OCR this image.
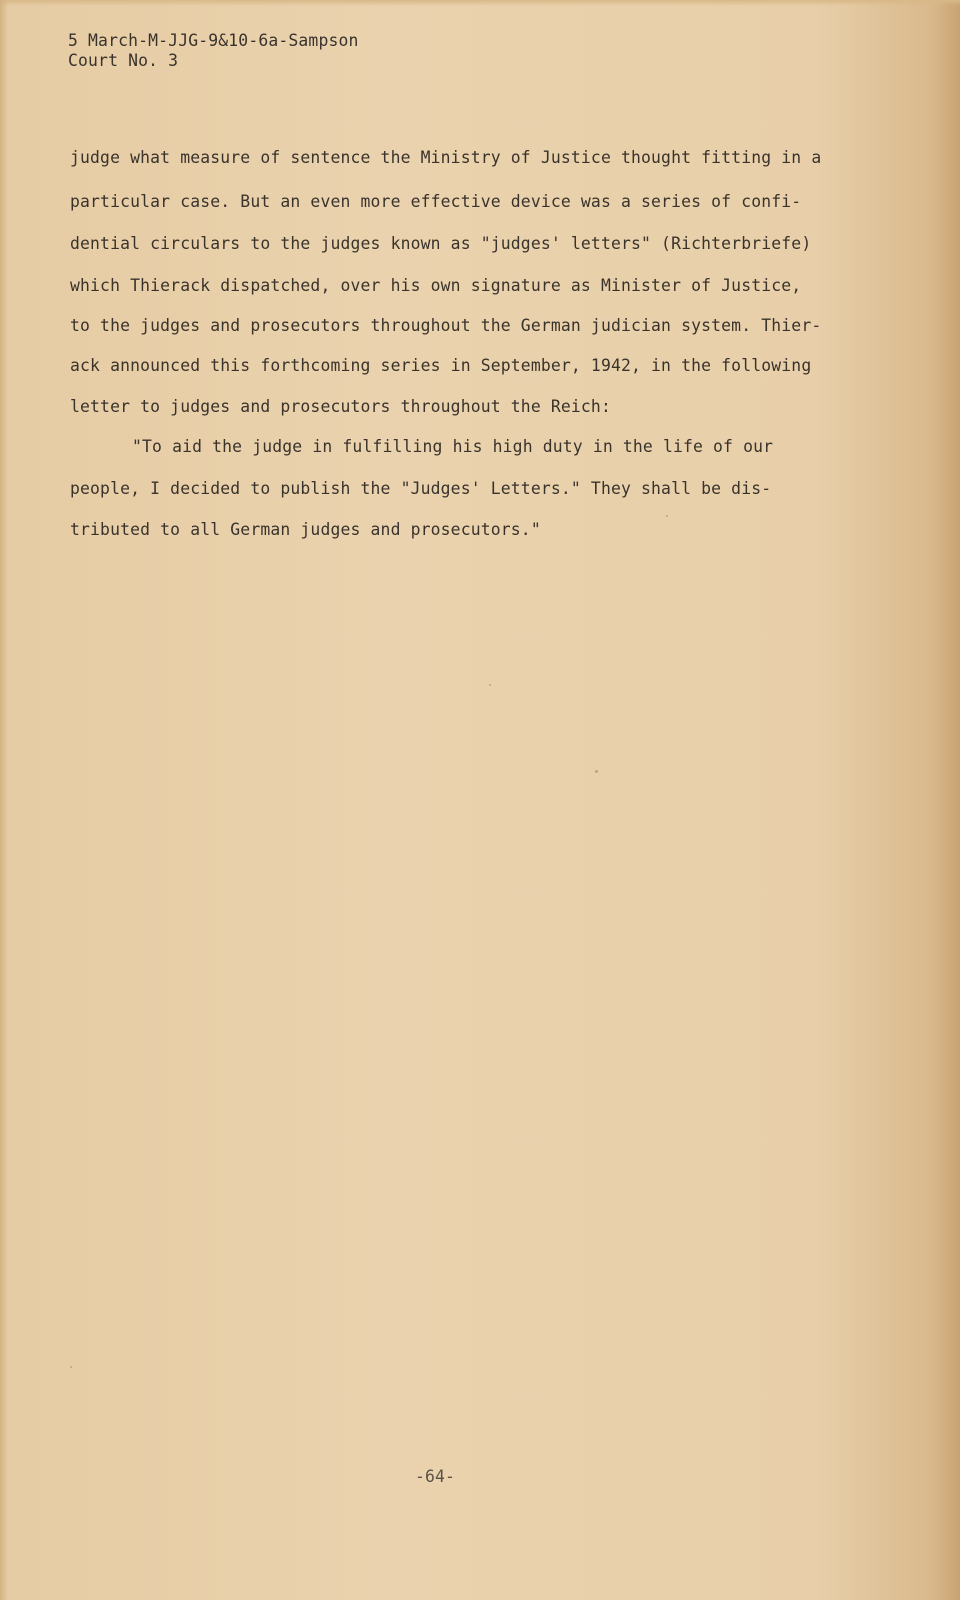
5 March-M-JJG-9&10-6a-Sampson
Court No. 3
judge what measure of sentence the Ministry of Justice thought fitting in a
particular case. But an even more effective device was a series of confi-
dential circulars to the judges known as "judges' letters" (Richterbriefe)
which Thierack dispatched, over his own signature as Minister of Justice,
to the judges and prosecutors throughout the German judician system. Thier-
ack announced this forthcoming series in September, 1942, in the following
letter to judges and prosecutors throughout the Reich:
"To aid the judge in fulfilling his high duty in the life of our
people, I decided to publish the "Judges' Letters." They shall be dis-
tributed to all German judges and prosecutors."
-64-
